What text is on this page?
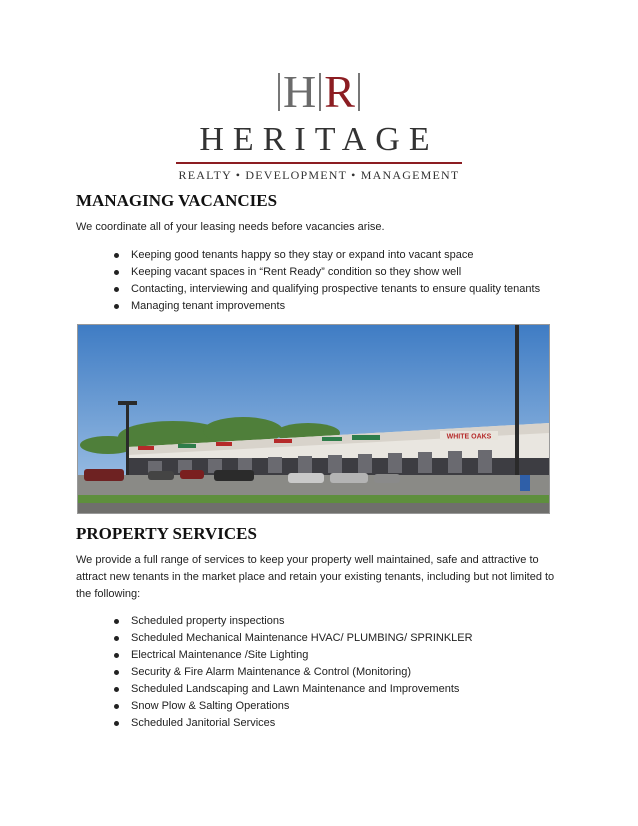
H R
HERITAGE
REALTY • DEVELOPMENT • MANAGEMENT
MANAGING VACANCIES

We coordinate all of your leasing needs before vacancies arise.

Keeping good tenants happy so they stay or expand into vacant space
Keeping vacant spaces in “Rent Ready” condition so they show well
Contacting, interviewing and qualifying prospective tenants to ensure quality tenants
Managing tenant improvements
WHITE OAKS
PROPERTY SERVICES

We provide a full range of services to keep your property well maintained, safe and attractive to attract new tenants in the market place and retain your existing tenants, including but not limited to the following:

Scheduled property inspections
Scheduled Mechanical Maintenance HVAC/ PLUMBING/ SPRINKLER
Electrical Maintenance /Site Lighting
Security & Fire Alarm Maintenance & Control (Monitoring)
Scheduled Landscaping and Lawn Maintenance and Improvements
Snow Plow & Salting Operations
Scheduled Janitorial Services
